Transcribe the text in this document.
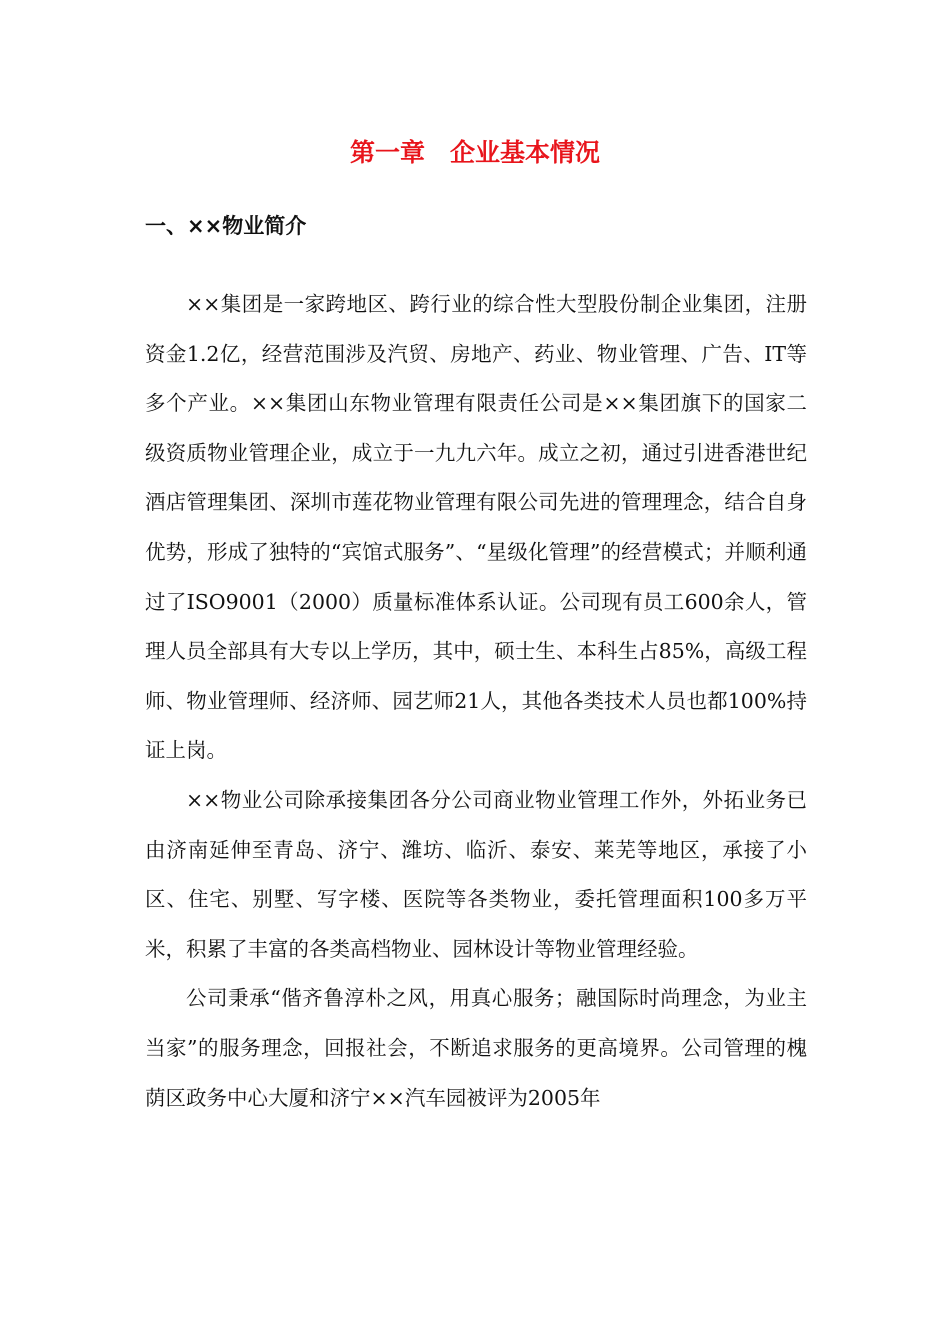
第一章　企业基本情况
一、××物业简介

××集团是一家跨地区、跨行业的综合性大型股份制企业集团，注册资金1.2亿，经营范围涉及汽贸、房地产、药业、物业管理、广告、IT等多个产业。××集团山东物业管理有限责任公司是××集团旗下的国家二级资质物业管理企业，成立于一九九六年。成立之初，通过引进香港世纪酒店管理集团、深圳市莲花物业管理有限公司先进的管理理念，结合自身优势，形成了独特的“宾馆式服务”、“星级化管理”的经营模式；并顺利通过了ISO9001（2000）质量标准体系认证。公司现有员工600余人，管理人员全部具有大专以上学历，其中，硕士生、本科生占85%，高级工程师、物业管理师、经济师、园艺师21人，其他各类技术人员也都100%持证上岗。

××物业公司除承接集团各分公司商业物业管理工作外，外拓业务已由济南延伸至青岛、济宁、潍坊、临沂、泰安、莱芜等地区，承接了小区、住宅、别墅、写字楼、医院等各类物业，委托管理面积100多万平米，积累了丰富的各类高档物业、园林设计等物业管理经验。

公司秉承“偕齐鲁淳朴之风，用真心服务；融国际时尚理念，为业主当家”的服务理念，回报社会，不断追求服务的更高境界。公司管理的槐荫区政务中心大厦和济宁××汽车园被评为2005年
